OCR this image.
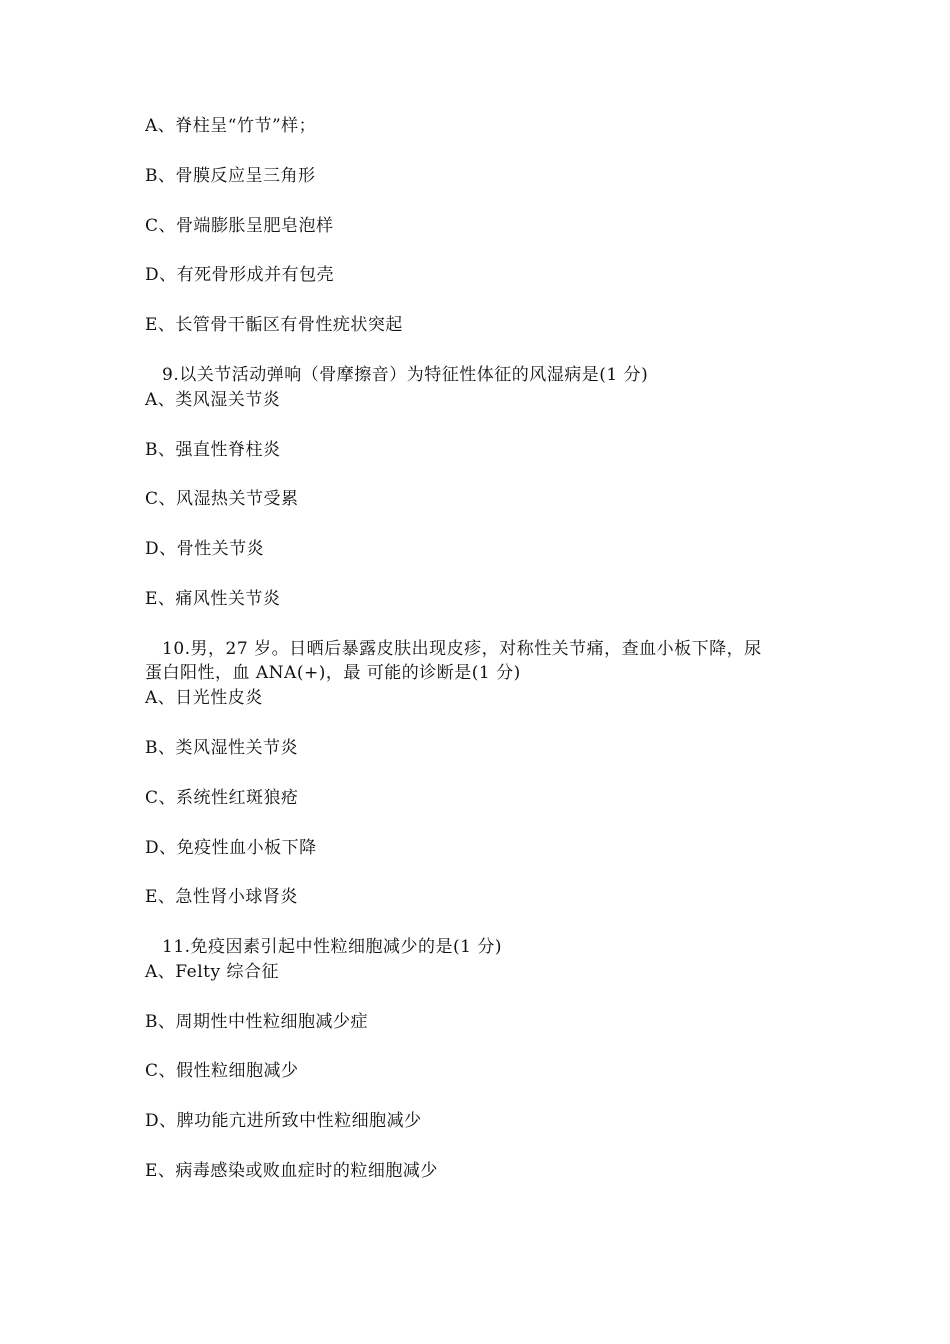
A、脊柱呈“竹节”样；
B、骨膜反应呈三角形
C、骨端膨胀呈肥皂泡样
D、有死骨形成并有包壳
E、长管骨干骺区有骨性疣状突起
9.以关节活动弹响（骨摩擦音）为特征性体征的风湿病是(1 分)
A、类风湿关节炎
B、强直性脊柱炎
C、风湿热关节受累
D、骨性关节炎
E、痛风性关节炎
10.男，27 岁。日晒后暴露皮肤出现皮疹，对称性关节痛，查血小板下降，尿
蛋白阳性，血 ANA(+)，最 可能的诊断是(1 分)
A、日光性皮炎
B、类风湿性关节炎
C、系统性红斑狼疮
D、免疫性血小板下降
E、急性肾小球肾炎
11.免疫因素引起中性粒细胞减少的是(1 分)
A、Felty 综合征
B、周期性中性粒细胞减少症
C、假性粒细胞减少
D、脾功能亢进所致中性粒细胞减少
E、病毒感染或败血症时的粒细胞减少
